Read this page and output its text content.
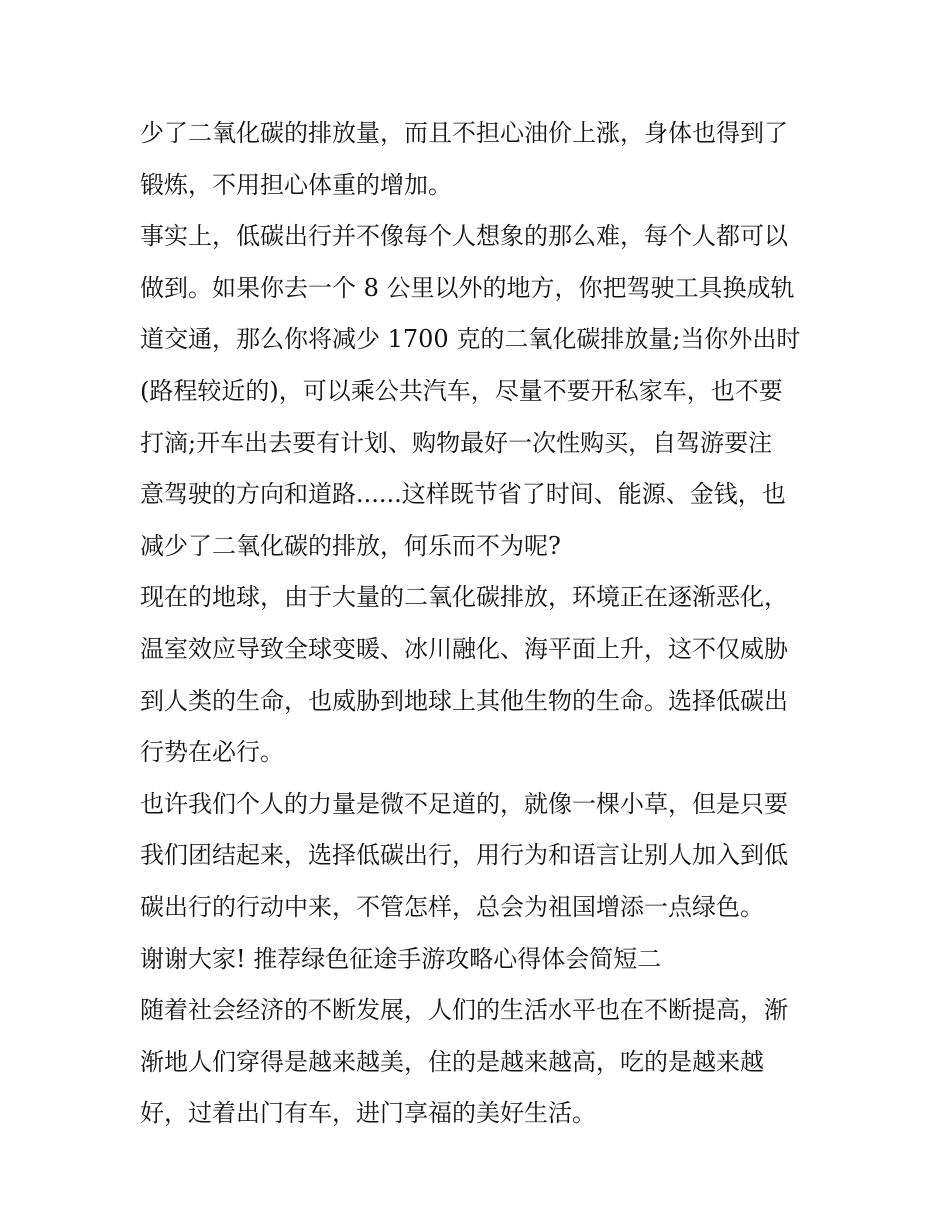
少了二氧化碳的排放量，而且不担心油价上涨，身体也得到了
锻炼，不用担心体重的增加。
事实上，低碳出行并不像每个人想象的那么难，每个人都可以
做到。如果你去一个 8 公里以外的地方，你把驾驶工具换成轨
道交通，那么你将减少 1700 克的二氧化碳排放量;当你外出时
(路程较近的)，可以乘公共汽车，尽量不要开私家车，也不要
打滴;开车出去要有计划、购物最好一次性购买，自驾游要注
意驾驶的方向和道路......这样既节省了时间、能源、金钱，也
减少了二氧化碳的排放，何乐而不为呢?
现在的地球，由于大量的二氧化碳排放，环境正在逐渐恶化，
温室效应导致全球变暖、冰川融化、海平面上升，这不仅威胁
到人类的生命，也威胁到地球上其他生物的生命。选择低碳出
行势在必行。
也许我们个人的力量是微不足道的，就像一棵小草，但是只要
我们团结起来，选择低碳出行，用行为和语言让别人加入到低
碳出行的行动中来，不管怎样，总会为祖国增添一点绿色。
谢谢大家! 推荐绿色征途手游攻略心得体会简短二
随着社会经济的不断发展，人们的生活水平也在不断提高，渐
渐地人们穿得是越来越美，住的是越来越高，吃的是越来越
好，过着出门有车，进门享福的美好生活。
